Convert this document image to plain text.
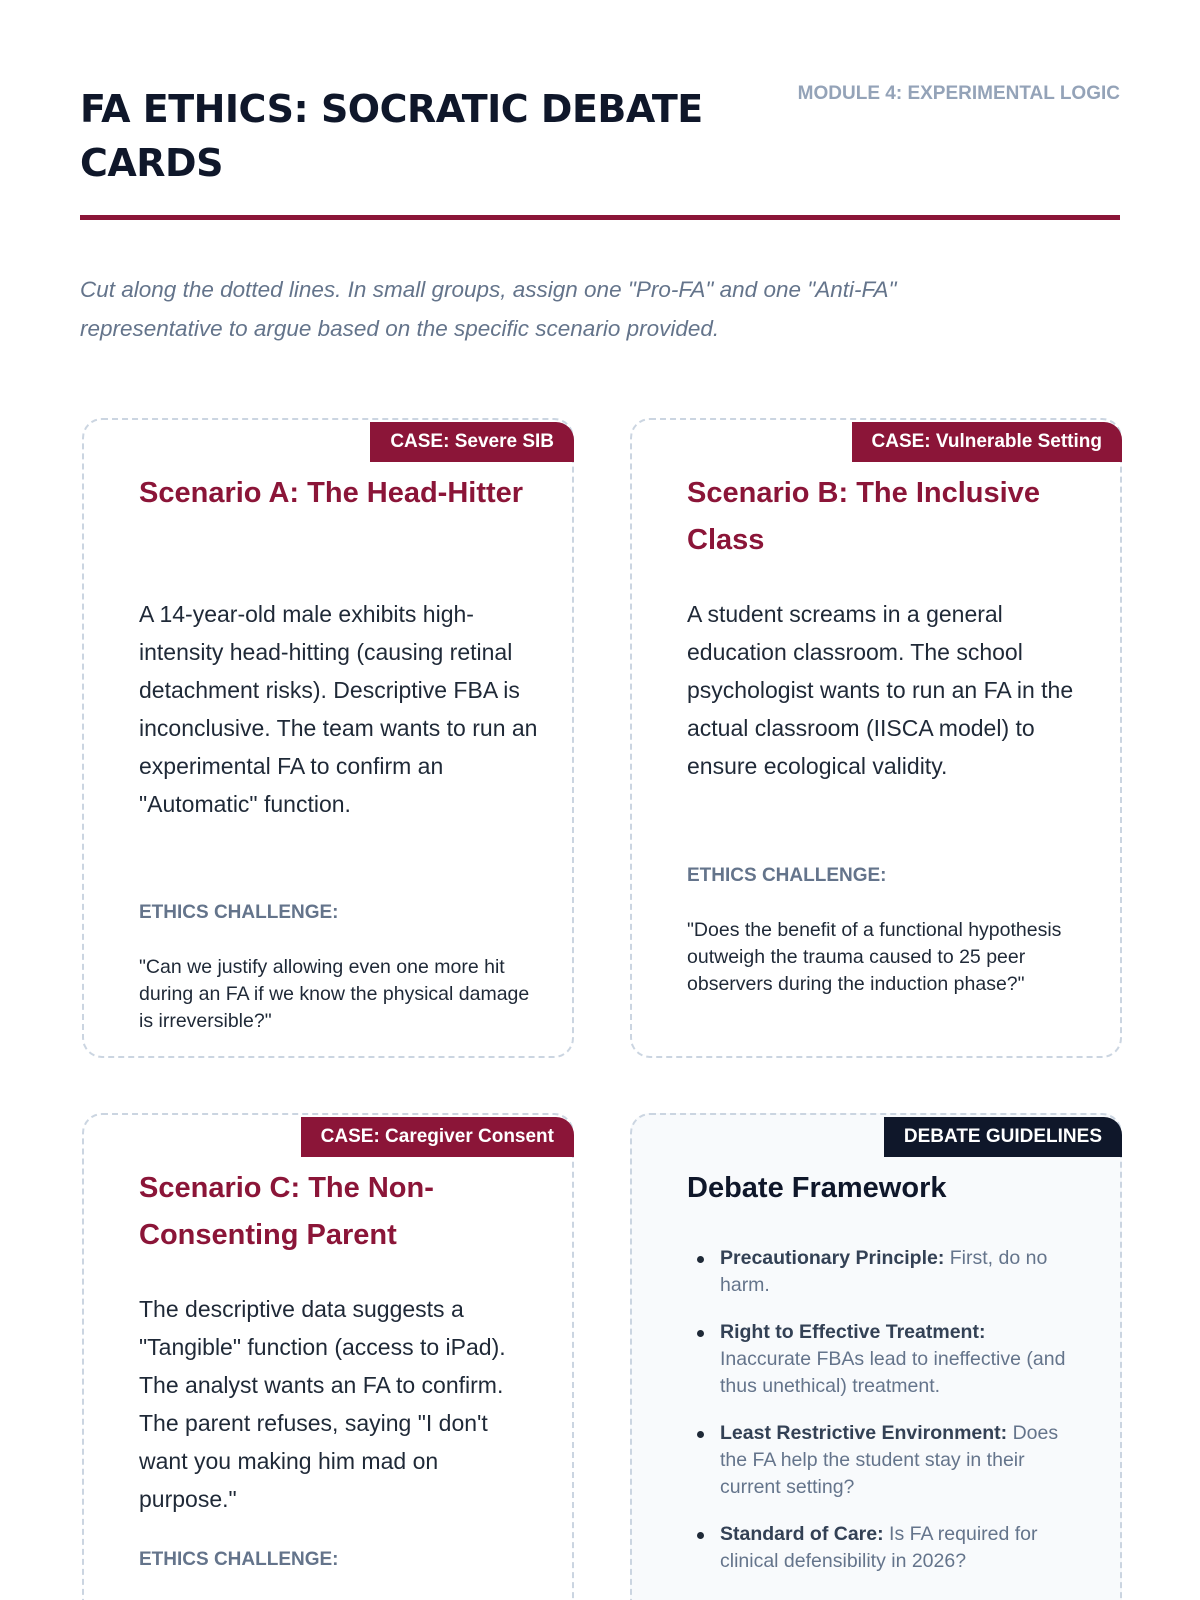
FA ETHICS: SOCRATIC DEBATE CARDS
MODULE 4: EXPERIMENTAL LOGIC

Cut along the dotted lines. In small groups, assign one "Pro-FA" and one "Anti-FA" representative to argue based on the specific scenario provided.

CASE: Severe SIB
Scenario A: The Head-Hitter

A 14-year-old male exhibits high-intensity head-hitting (causing retinal detachment risks). Descriptive FBA is inconclusive. The team wants to run an experimental FA to confirm an "Automatic" function.

ETHICS CHALLENGE:

"Can we justify allowing even one more hit during an FA if we know the physical damage is irreversible?"

CASE: Vulnerable Setting
Scenario B: The Inclusive Class

A student screams in a general education classroom. The school psychologist wants to run an FA in the actual classroom (IISCA model) to ensure ecological validity.

ETHICS CHALLENGE:

"Does the benefit of a functional hypothesis outweigh the trauma caused to 25 peer observers during the induction phase?"

CASE: Caregiver Consent
Scenario C: The Non-Consenting Parent

The descriptive data suggests a "Tangible" function (access to iPad). The analyst wants an FA to confirm. The parent refuses, saying "I don't want you making him mad on purpose."

ETHICS CHALLENGE:
DEBATE GUIDELINES
Debate Framework
Precautionary Principle: First, do no harm.
Right to Effective Treatment: Inaccurate FBAs lead to ineffective (and thus unethical) treatment.
Least Restrictive Environment: Does the FA help the student stay in their current setting?
Standard of Care: Is FA required for clinical defensibility in 2026?
